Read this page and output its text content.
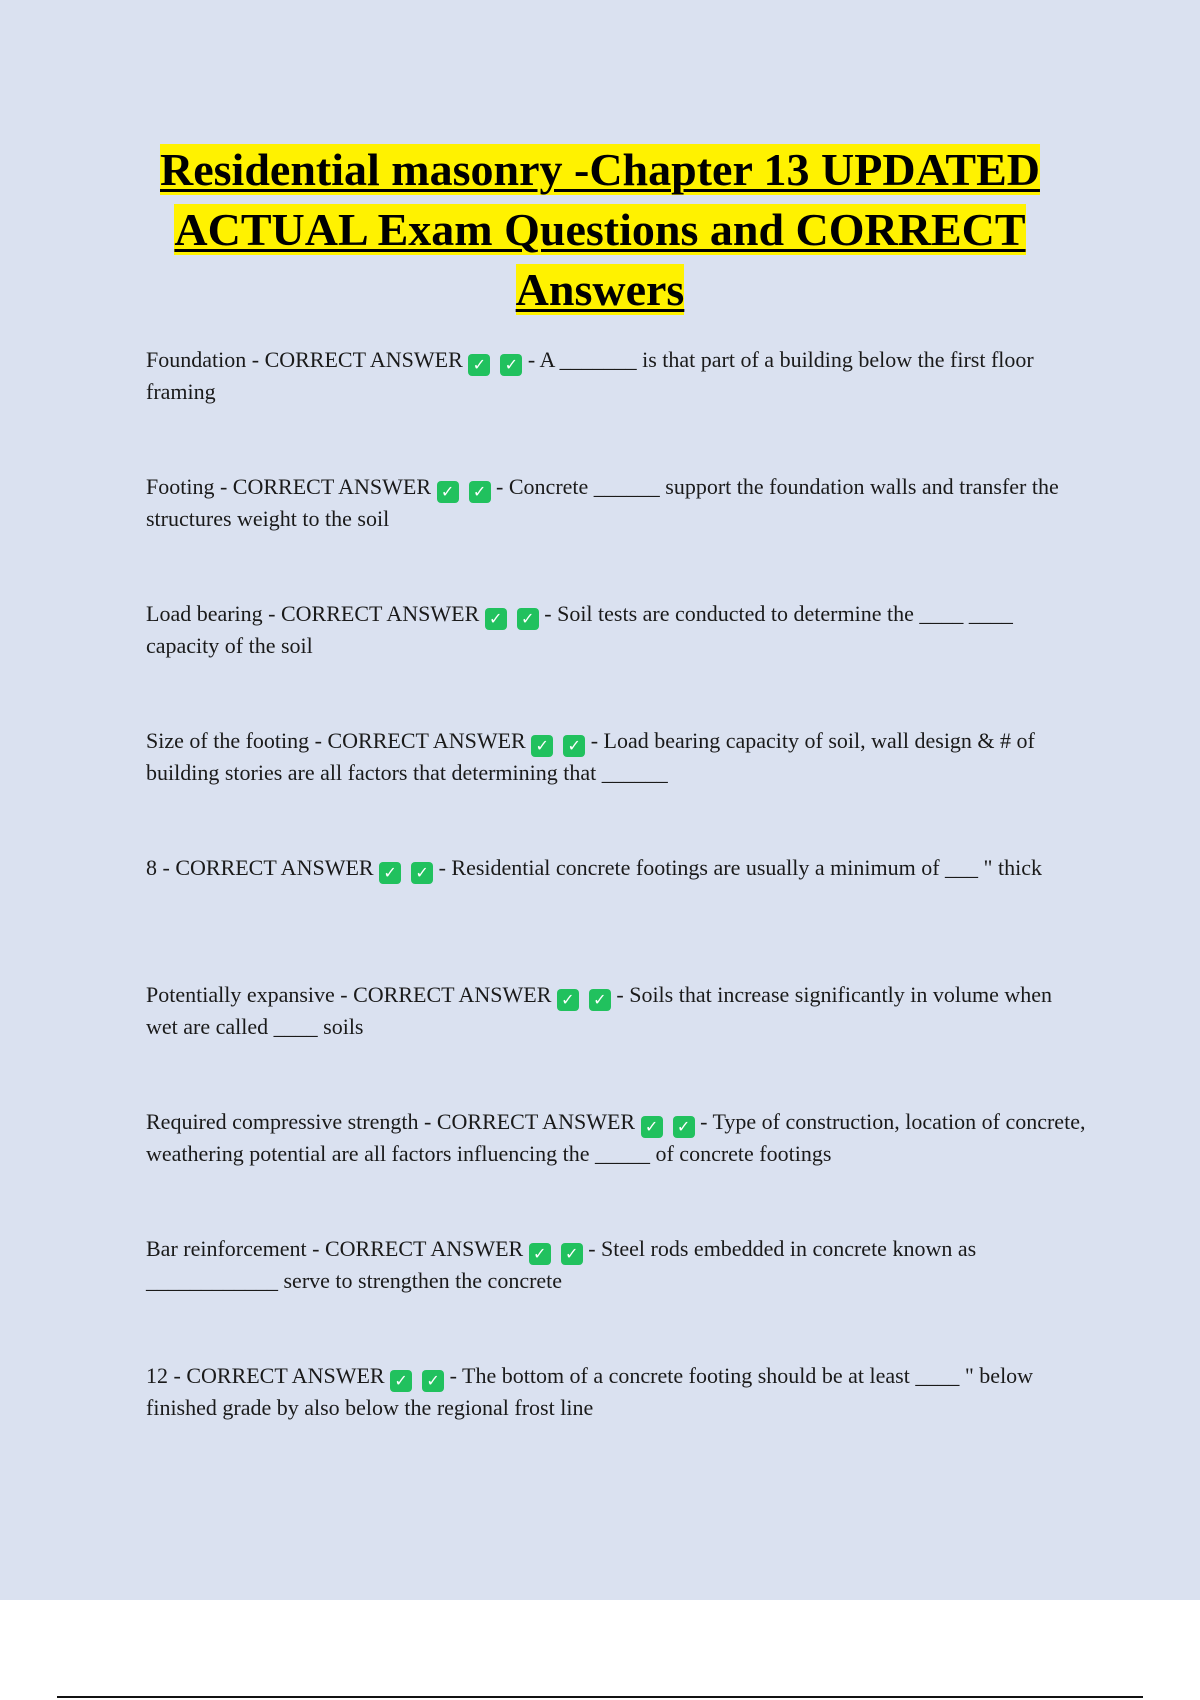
Residential masonry -Chapter 13 UPDATED ACTUAL Exam Questions and CORRECT Answers
Foundation - CORRECT ANSWER ✓ ✓ - A _______ is that part of a building below the first floor framing
Footing - CORRECT ANSWER ✓ ✓ - Concrete ______ support the foundation walls and transfer the structures weight to the soil
Load bearing - CORRECT ANSWER ✓ ✓ - Soil tests are conducted to determine the ____ ____ capacity of the soil
Size of the footing - CORRECT ANSWER ✓ ✓ - Load bearing capacity of soil, wall design & # of building stories are all factors that determining that ______
8 - CORRECT ANSWER ✓ ✓ - Residential concrete footings are usually a minimum of ___ " thick
Potentially expansive - CORRECT ANSWER ✓ ✓ - Soils that increase significantly in volume when wet are called ____ soils
Required compressive strength - CORRECT ANSWER ✓ ✓ - Type of construction, location of concrete, weathering potential are all factors influencing the _____ of concrete footings
Bar reinforcement - CORRECT ANSWER ✓ ✓ - Steel rods embedded in concrete known as ____________ serve to strengthen the concrete
12 - CORRECT ANSWER ✓ ✓ - The bottom of a concrete footing should be at least ____ " below finished grade by also below the regional frost line
